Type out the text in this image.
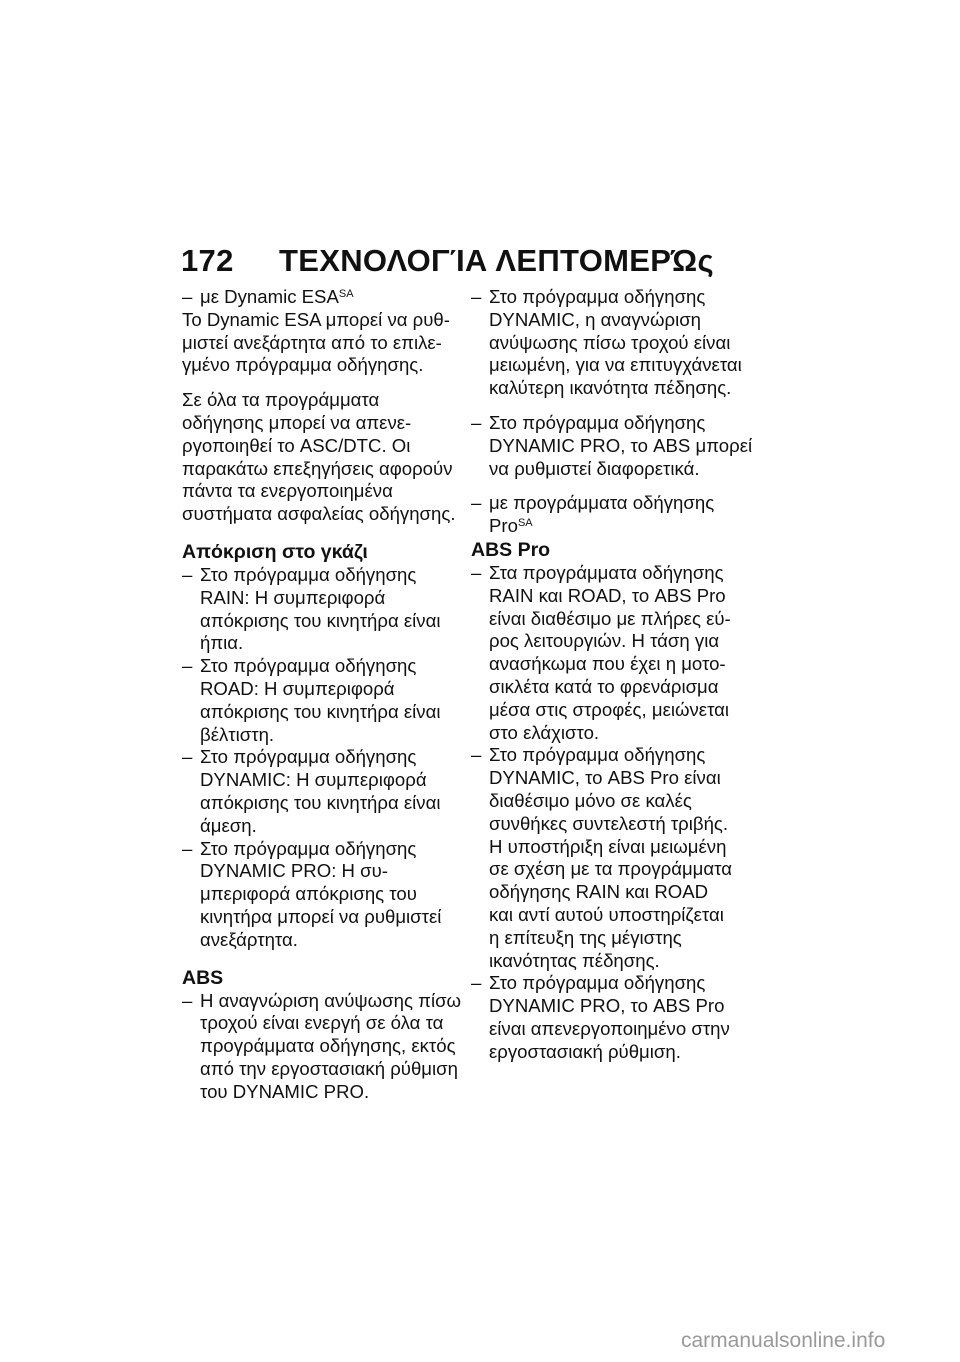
172 ΤΕΧΝΟΛΟΓΊΑ ΛΕΠΤΟΜΕΡΏς
– με Dynamic $ESA^{SA}$
Το Dynamic ESA μπορεί να ρυθ-
μιστεί ανεξάρτητα από το επιλε-
γμένο πρόγραμμα οδήγησης.
Σε όλα τα προγράμματα
οδήγησης μπορεί να απενε-
ργοποιηθεί το ASC/DTC. Οι
παρακάτω επεξηγήσεις αφορούν
πάντα τα ενεργοποιημένα
συστήματα ασφαλείας οδήγησης.
Απόκριση στο γκάζι
– Στο πρόγραμμα οδήγησης
RAIN: Η συμπεριφορά
απόκρισης του κινητήρα είναι
ήπια.
– Στο πρόγραμμα οδήγησης
ROAD: Η συμπεριφορά
απόκρισης του κινητήρα είναι
βέλτιστη.
– Στο πρόγραμμα οδήγησης
DYNAMIC: Η συμπεριφορά
απόκρισης του κινητήρα είναι
άμεση.
– Στο πρόγραμμα οδήγησης
DYNAMIC PRO: Η συ-
μπεριφορά απόκρισης του
κινητήρα μπορεί να ρυθμιστεί
ανεξάρτητα.
ABS
– Η αναγνώριση ανύψωσης πίσω
τροχού είναι ενεργή σε όλα τα
προγράμματα οδήγησης, εκτός
από την εργοστασιακή ρύθμιση
του DYNAMIC PRO.
– Στο πρόγραμμα οδήγησης
DYNAMIC, η αναγνώριση
ανύψωσης πίσω τροχού είναι
μειωμένη, για να επιτυγχάνεται
καλύτερη ικανότητα πέδησης.
– Στο πρόγραμμα οδήγησης
DYNAMIC PRO, το ABS μπορεί
να ρυθμιστεί διαφορετικά.
– με προγράμματα οδήγησης
Pro$^{SA}$
ABS Pro
– Στα προγράμματα οδήγησης
RAIN και ROAD, το ABS Pro
είναι διαθέσιμο με πλήρες εύ-
ρος λειτουργιών. Η τάση για
ανασήκωμα που έχει η μοτο-
σικλέτα κατά το φρενάρισμα
μέσα στις στροφές, μειώνεται
στο ελάχιστο.
– Στο πρόγραμμα οδήγησης
DYNAMIC, το ABS Pro είναι
διαθέσιμο μόνο σε καλές
συνθήκες συντελεστή τριβής.
Η υποστήριξη είναι μειωμένη
σε σχέση με τα προγράμματα
οδήγησης RAIN και ROAD
και αντί αυτού υποστηρίζεται
η επίτευξη της μέγιστης
ικανότητας πέδησης.
– Στο πρόγραμμα οδήγησης
DYNAMIC PRO, το ABS Pro
είναι απενεργοποιημένο στην
εργοστασιακή ρύθμιση.
carmanualsonline.info
